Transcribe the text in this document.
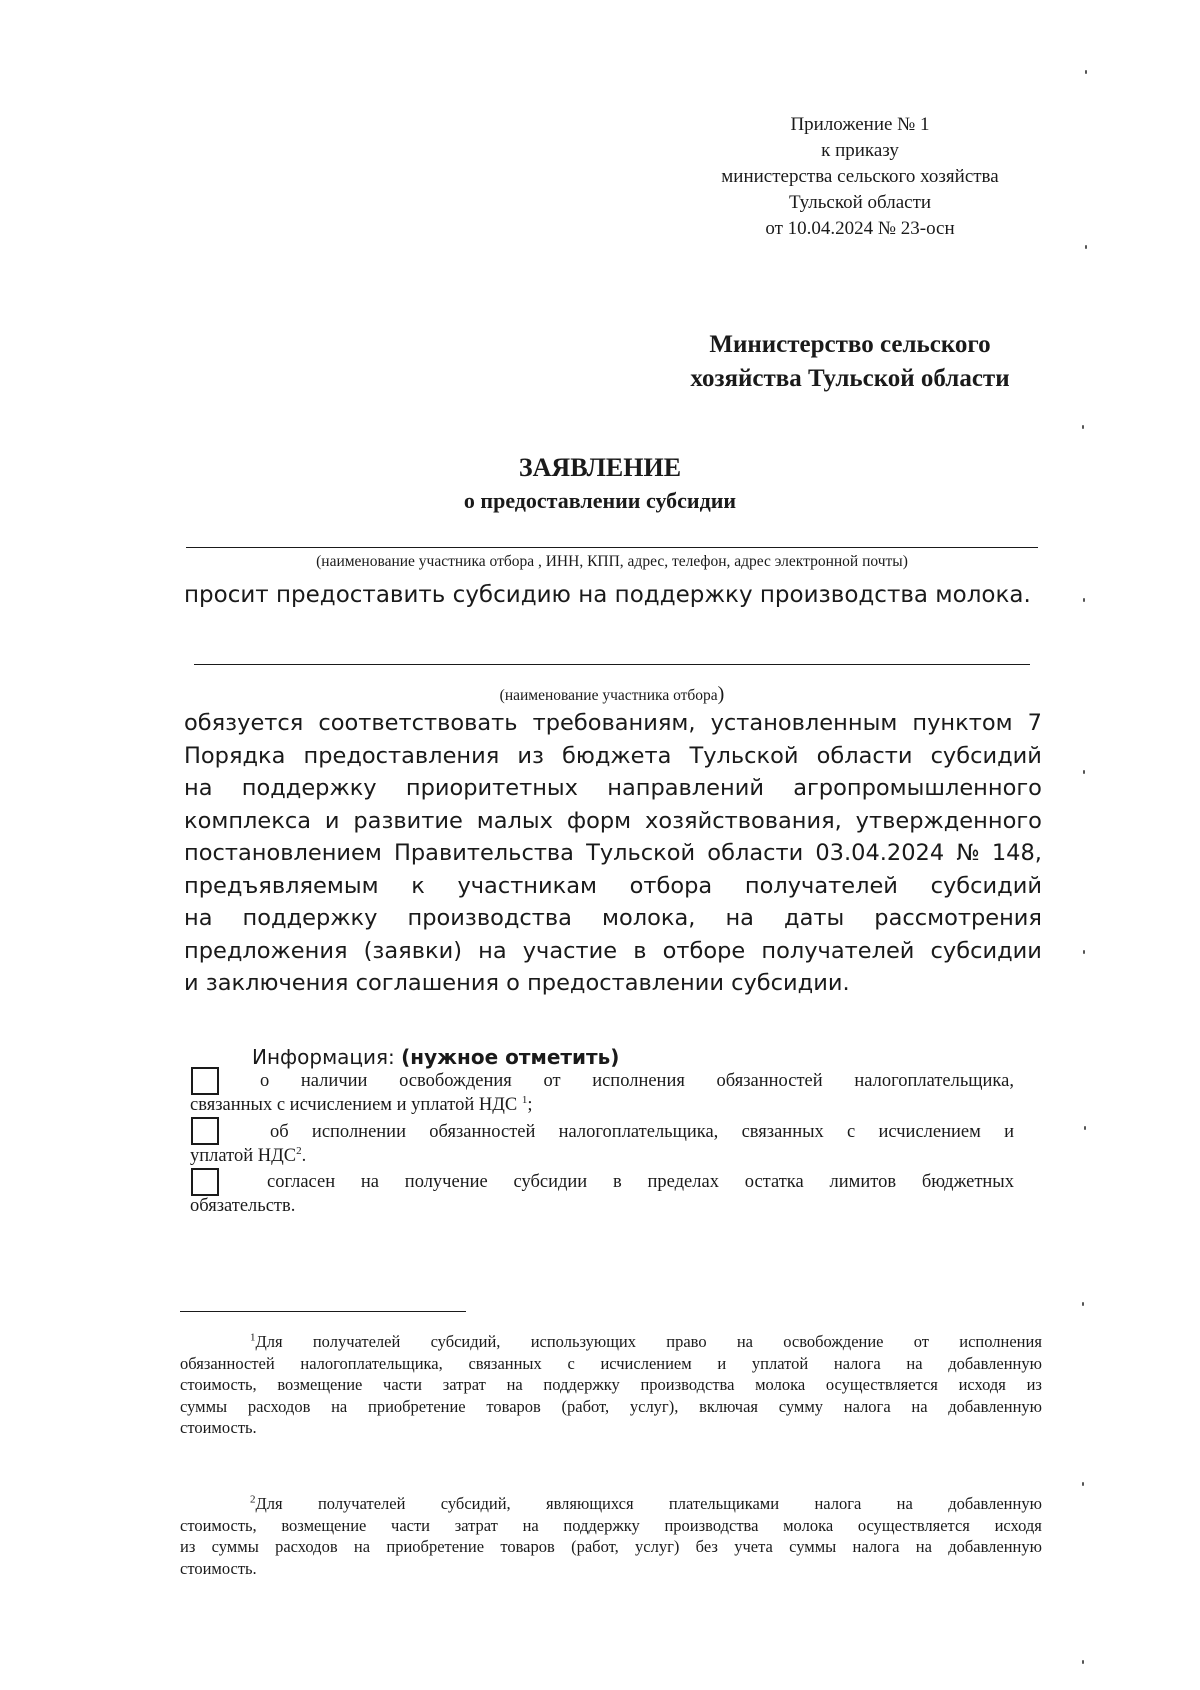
Приложение № 1
к приказу
министерства сельского хозяйства
Тульской области
от 10.04.2024 № 23-осн
Министерство сельского
хозяйства Тульской области
ЗАЯВЛЕНИЕ
о предоставлении субсидии
(наименование участника отбора , ИНН, КПП, адрес, телефон, адрес электронной почты)
просит предоставить субсидию на поддержку производства молока.
(наименование участника отбора)
обязуется соответствовать требованиям, установленным пунктом 7
Порядка предоставления из бюджета Тульской области субсидий
на поддержку приоритетных направлений агропромышленного
комплекса и развитие малых форм хозяйствования, утвержденного
постановлением Правительства Тульской области 03.04.2024 № 148,
предъявляемым к участникам отбора получателей субсидий
на поддержку производства молока, на даты рассмотрения
предложения (заявки) на участие в отборе получателей субсидии
и заключения соглашения о предоставлении субсидии.
Информация: (нужное отметить)
о наличии освобождения от исполнения обязанностей налогоплательщика,
связанных с исчислением и уплатой НДС $^1$;
об исполнении обязанностей налогоплательщика, связанных с исчислением и
уплатой НДС$^2$.
согласен на получение субсидии в пределах остатка лимитов бюджетных
обязательств.
$^1$Для получателей субсидий, использующих право на освобождение от исполнения
обязанностей налогоплательщика, связанных с исчислением и уплатой налога на добавленную
стоимость, возмещение части затрат на поддержку производства молока осуществляется исходя из
суммы расходов на приобретение товаров (работ, услуг), включая сумму налога на добавленную
стоимость.
$^2$Для получателей субсидий, являющихся плательщиками налога на добавленную
стоимость, возмещение части затрат на поддержку производства молока осуществляется исходя
из суммы расходов на приобретение товаров (работ, услуг) без учета суммы налога на добавленную
стоимость.
